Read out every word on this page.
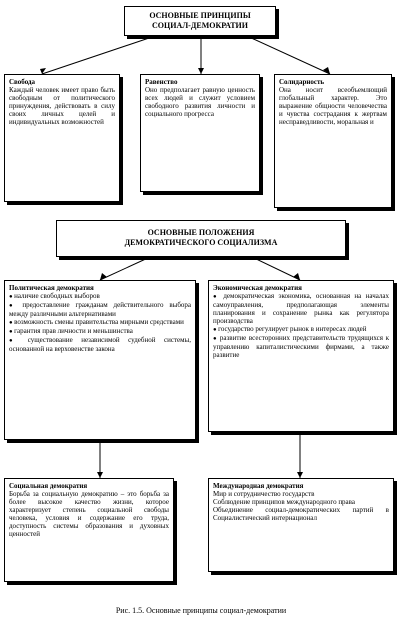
ОСНОВНЫЕ ПРИНЦИПЫ
СОЦИАЛ-ДЕМОКРАТИИ
Свобода
Каждый человек имеет право быть свободным от политического принуждения, действовать в силу своих личных целей и индивидуальных возможностей
Равенство
Оно предполагает равную ценность всех людей и служит условием свободного развития личности и социального прогресса
Солидарность
Она носит всеобъемлющий глобальный характер. Это выражение общности человечества и чувства сострадания к жертвам несправедливости, моральная и
ОСНОВНЫЕ ПОЛОЖЕНИЯ
ДЕМОКРАТИЧЕСКОГО СОЦИАЛИЗМА
Политическая демократия
● наличие свободных выборов
● предоставление гражданам действительного выбора между различными альтернативами
● возможность смены правительства мирными средствами
● гарантия прав личности и меньшинства
● существование независимой судебной системы, основанной на верховенстве закона
Экономическая демократия
● демократическая экономика, основанная на началах самоуправления, предполагающая элементы планирования и сохранение рынка как регулятора производства
● государство регулирует рынок в интересах людей
● развитие всесторонних представительств трудящихся к управлению капиталистическими фирмами, а также развитие
Социальная демократия
Борьба за социальную демократию – это борьба за более высокое качество жизни, которое характеризует степень социальной свободы человека, условия и содержание его труда, доступность системы образования и духовных ценностей
Международная демократия
Мир и сотрудничество государств
Соблюдение принципов международного права
Объединение социал-демократических партий в Социалистический интернационал
Рис. 1.5. Основные принципы социал-демократии
